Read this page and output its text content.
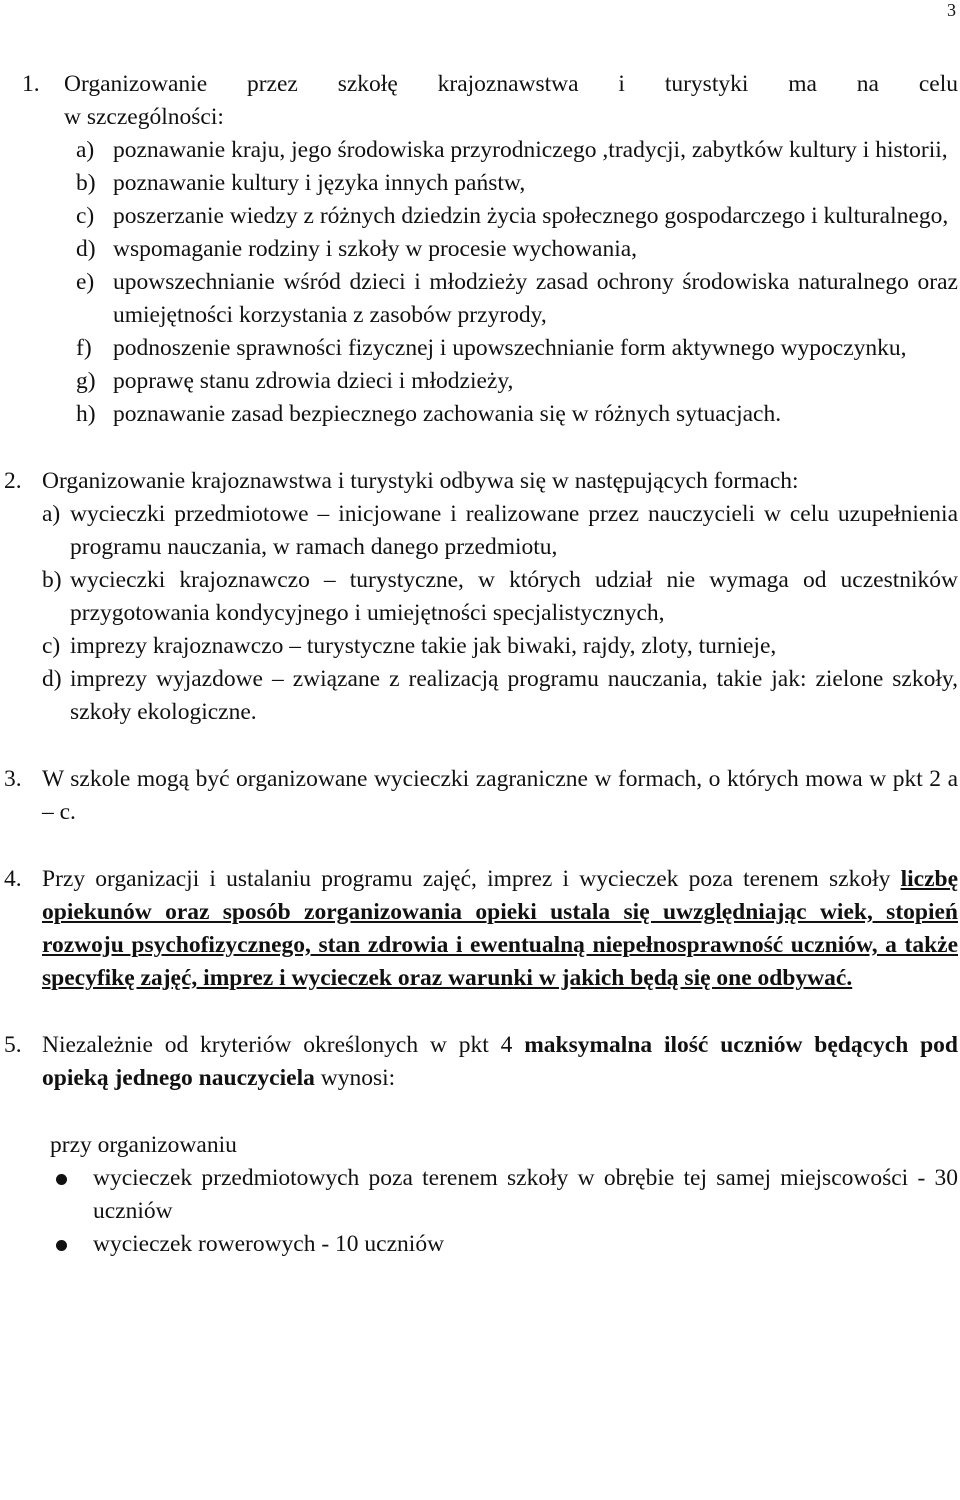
3
1. Organizowanie przez szkołę krajoznawstwa i turystyki ma na celu
w szczególności:
a) poznawanie kraju, jego środowiska przyrodniczego ,tradycji, zabytków kultury i historii,
b) poznawanie kultury i języka innych państw,
c) poszerzanie wiedzy z różnych dziedzin życia społecznego gospodarczego i kulturalnego,
d) wspomaganie rodziny i szkoły w procesie wychowania,
e) upowszechnianie wśród dzieci i młodzieży zasad ochrony środowiska naturalnego oraz umiejętności korzystania z zasobów przyrody,
f) podnoszenie sprawności fizycznej i upowszechnianie form aktywnego wypoczynku,
g) poprawę stanu zdrowia dzieci i młodzieży,
h) poznawanie zasad bezpiecznego zachowania się w różnych sytuacjach.
2. Organizowanie krajoznawstwa i turystyki odbywa się w następujących formach:
a) wycieczki przedmiotowe – inicjowane i realizowane przez nauczycieli w celu uzupełnienia programu nauczania, w ramach danego przedmiotu,
b) wycieczki krajoznawczo – turystyczne, w których udział nie wymaga od uczestników przygotowania kondycyjnego i umiejętności specjalistycznych,
c) imprezy krajoznawczo – turystyczne takie jak biwaki, rajdy, zloty, turnieje,
d) imprezy wyjazdowe – związane z realizacją programu nauczania, takie jak: zielone szkoły, szkoły ekologiczne.
3. W szkole mogą być organizowane wycieczki zagraniczne w formach, o których mowa w pkt 2 a – c.
4. Przy organizacji i ustalaniu programu zajęć, imprez i wycieczek poza terenem szkoły liczbę opiekunów oraz sposób zorganizowania opieki ustala się uwzględniając wiek, stopień rozwoju psychofizycznego, stan zdrowia i ewentualną niepełnosprawność uczniów, a także specyfikę zajęć, imprez i wycieczek oraz warunki w jakich będą się one odbywać.
5. Niezależnie od kryteriów określonych w pkt 4 maksymalna ilość uczniów będących pod opieką jednego nauczyciela wynosi:
przy organizowaniu
wycieczek przedmiotowych poza terenem szkoły w obrębie tej samej miejscowości - 30 uczniów
wycieczek rowerowych - 10 uczniów
